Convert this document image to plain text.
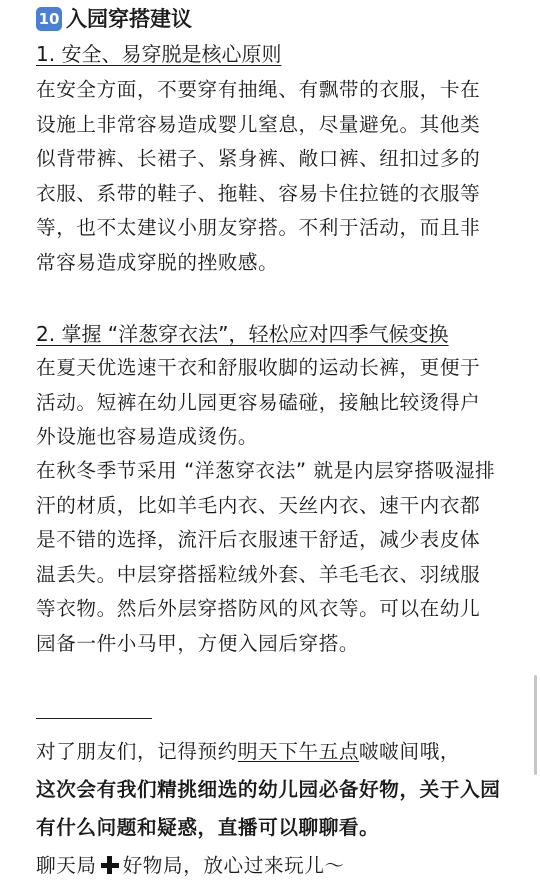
10 入园穿搭建议
1. 安全、易穿脱是核心原则
在安全方面，不要穿有抽绳、有飘带的衣服，卡在设施上非常容易造成婴儿窒息，尽量避免。其他类似背带裤、长裙子、紧身裤、敞口裤、纽扣过多的衣服、系带的鞋子、拖鞋、容易卡住拉链的衣服等等，也不太建议小朋友穿搭。不利于活动，而且非常容易造成穿脱的挫败感。
2. 掌握 “洋葱穿衣法”，轻松应对四季气候变换
在夏天优选速干衣和舒服收脚的运动长裤，更便于活动。短裤在幼儿园更容易磕碰，接触比较烫得户外设施也容易造成烫伤。
在秋冬季节采用 “洋葱穿衣法” 就是内层穿搭吸湿排汗的材质，比如羊毛内衣、天丝内衣、速干内衣都是不错的选择，流汗后衣服速干舒适，减少表皮体温丢失。中层穿搭摇粒绒外套、羊毛毛衣、羽绒服等衣物。然后外层穿搭防风的风衣等。可以在幼儿园备一件小马甲，方便入园后穿搭。
对了朋友们，记得预约明天下午五点啵啵间哦，
这次会有我们精挑细选的幼儿园必备好物，关于入园有什么问题和疑惑，直播可以聊聊看。
聊天局 好物局，放心过来玩儿～
